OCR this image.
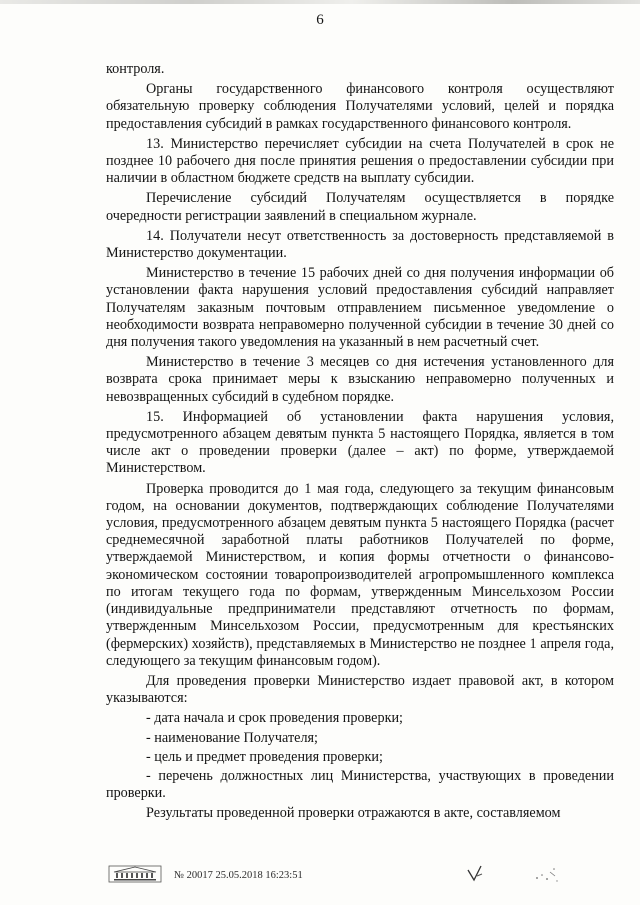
6

контроля.

Органы государственного финансового контроля осуществляют обязательную проверку соблюдения Получателями условий, целей и порядка предоставления субсидий в рамках государственного финансового контроля.

13. Министерство перечисляет субсидии на счета Получателей в срок не позднее 10 рабочего дня после принятия решения о предоставлении субсидии при наличии в областном бюджете средств на выплату субсидии.

Перечисление субсидий Получателям осуществляется в порядке очередности регистрации заявлений в специальном журнале.

14. Получатели несут ответственность за достоверность представляемой в Министерство документации.

Министерство в течение 15 рабочих дней со дня получения информации об установлении факта нарушения условий предоставления субсидий направляет Получателям заказным почтовым отправлением письменное уведомление о необходимости возврата неправомерно полученной субсидии в течение 30 дней со дня получения такого уведомления на указанный в нем расчетный счет.

Министерство в течение 3 месяцев со дня истечения установленного для возврата срока принимает меры к взысканию неправомерно полученных и невозвращенных субсидий в судебном порядке.

15. Информацией об установлении факта нарушения условия, предусмотренного абзацем девятым пункта 5 настоящего Порядка, является в том числе акт о проведении проверки (далее – акт) по форме, утверждаемой Министерством.

Проверка проводится до 1 мая года, следующего за текущим финансовым годом, на основании документов, подтверждающих соблюдение Получателями условия, предусмотренного абзацем девятым пункта 5 настоящего Порядка (расчет среднемесячной заработной платы работников Получателей по форме, утверждаемой Министерством, и копия формы отчетности о финансово-экономическом состоянии товаропроизводителей агропромышленного комплекса по итогам текущего года по формам, утвержденным Минсельхозом России (индивидуальные предприниматели представляют отчетность по формам, утвержденным Минсельхозом России, предусмотренным для крестьянских (фермерских) хозяйств), представляемых в Министерство не позднее 1 апреля года, следующего за текущим финансовым годом).

Для проведения проверки Министерство издает правовой акт, в котором указываются:

- дата начала и срок проведения проверки;

- наименование Получателя;

- цель и предмет проведения проверки;

- перечень должностных лиц Министерства, участвующих в проведении проверки.

Результаты проведенной проверки отражаются в акте, составляемом

№ 20017 25.05.2018 16:23:51
